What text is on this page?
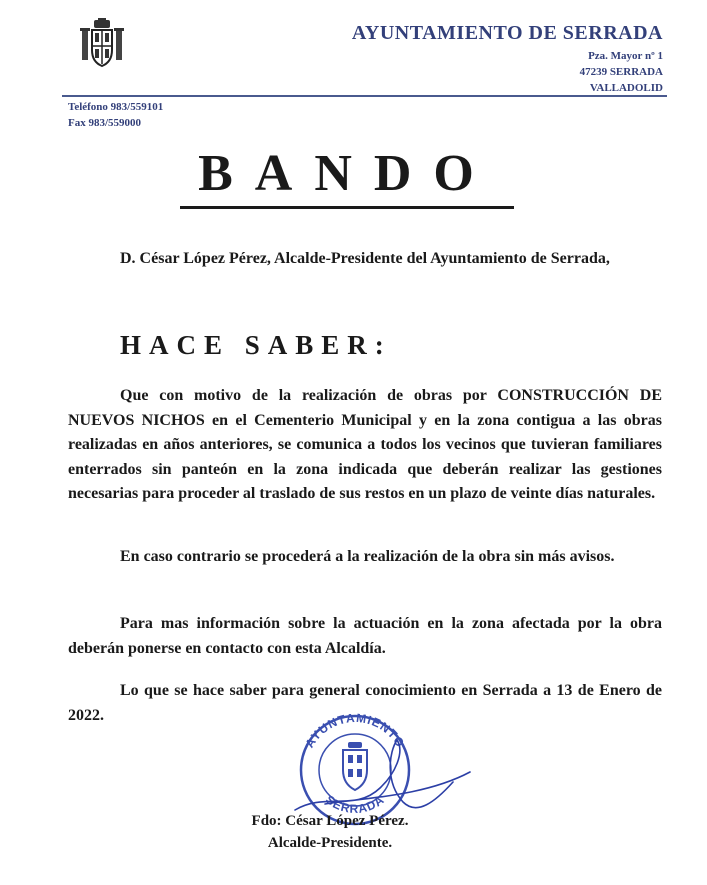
AYUNTAMIENTO DE SERRADA
Pza. Mayor nº 1
47239 SERRADA
VALLADOLID
Teléfono 983/559101
Fax 983/559000
BANDO
D. César López Pérez, Alcalde-Presidente del Ayuntamiento de Serrada,
HACE SABER:
Que con motivo de la realización de obras por CONSTRUCCIÓN DE NUEVOS NICHOS en el Cementerio Municipal y en la zona contigua a las obras realizadas en años anteriores, se comunica a todos los vecinos que tuvieran familiares enterrados sin panteón en la zona indicada que deberán realizar las gestiones necesarias para proceder al traslado de sus restos en un plazo de veinte días naturales.
En caso contrario se procederá a la realización de la obra sin más avisos.
Para mas información sobre la actuación en la zona afectada por la obra deberán ponerse en contacto con esta Alcaldía.
Lo que se hace saber para general conocimiento en Serrada a 13 de Enero de 2022.
AYUNTAMIENTO
SERRADA
Fdo: César López Pérez.
Alcalde-Presidente.
